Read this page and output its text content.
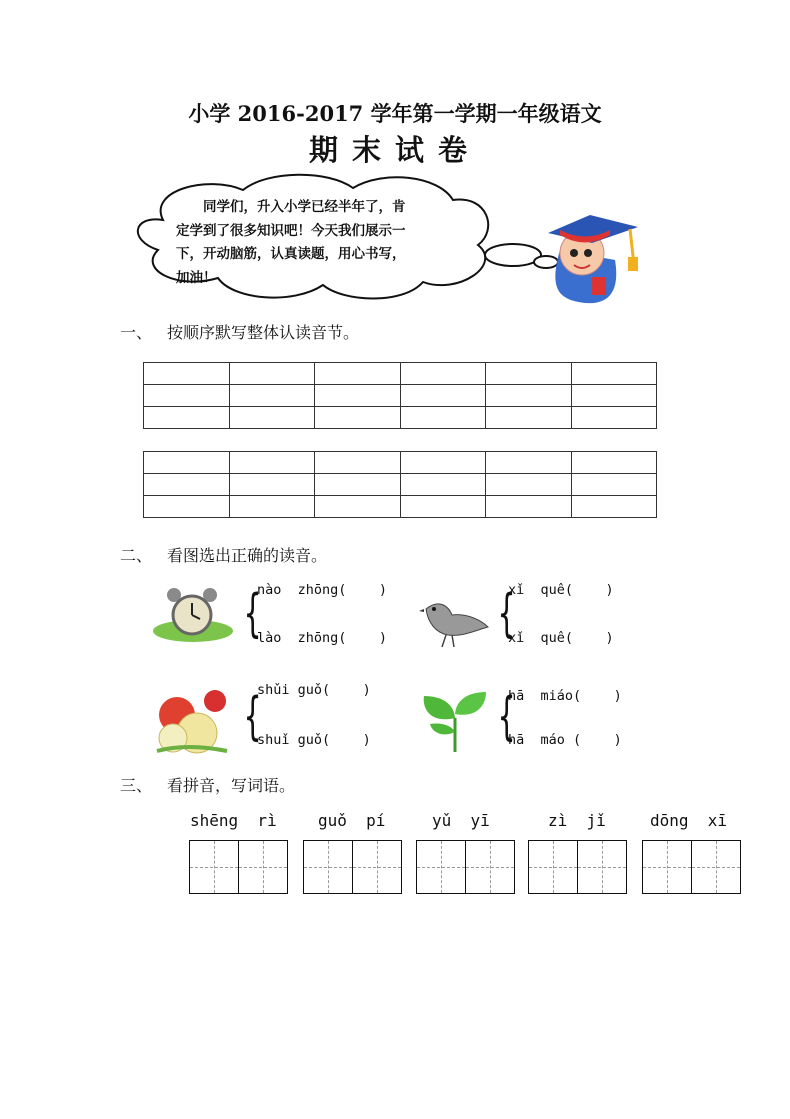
小学 2016-2017 学年第一学期一年级语文
期末试卷
同学们，升入小学已经半年了，肯定学到了很多知识吧！今天我们展示一下，开动脑筋，认真读题，用心书写，加油！
一、 按顺序默写整体认读音节。

二、 看图选出正确的读音。
{
nào  zhōng(    )
lào  zhōng(    ) {
xǐ  quê(    )
xǐ  quê(    )
{
shǔi guǒ(    )
shuǐ guǒ(    ) {
hā  miáo(    )
hā  máo (    )
三、 看拼音，写词语。
shēng  rì	guǒ  pí	yǔ  yī	zì  jǐ	dōng  xī
